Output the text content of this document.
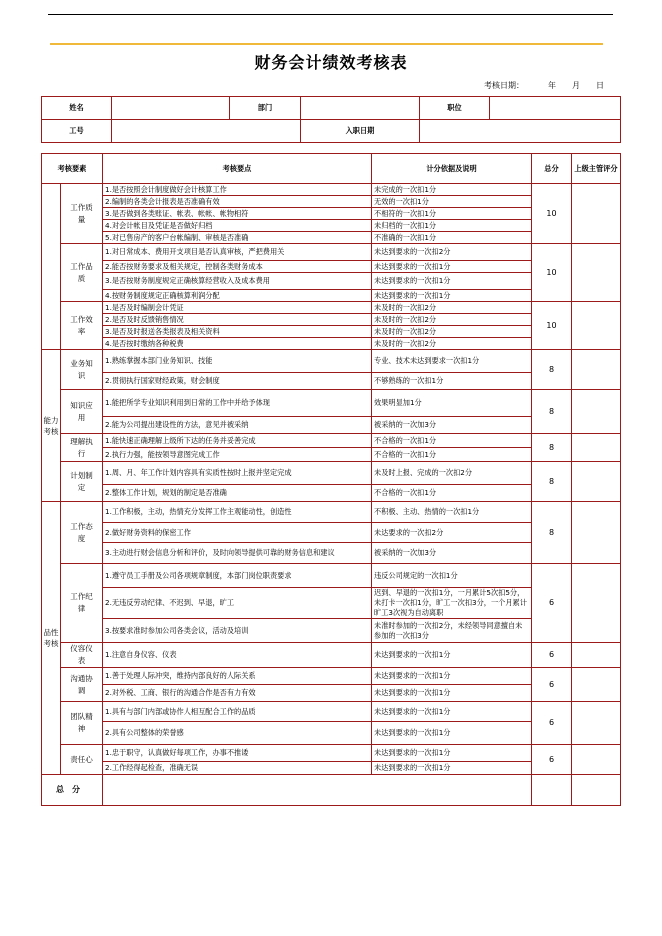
财务会计绩效考核表
考核日期：	年 月 日
姓名		部门		职位	
工号			入职日期		
考核要素		考核要点	计分依据及说明	总分	上级主管评分
	工作质量	1.是否按照会计制度做好会计核算工作	未完成的一次扣1分	10	
		2.编制的各类会计报表是否准确有效	无效的一次扣1分		
		3.是否做到各类账证、帐表、帐帐、帐物相符	不相符的一次扣1分		
		4.对会计帐目及凭证是否做好归档	未归档的一次扣1分		
		5.对已售房产的客户台帐编制、审核是否准确	不准确的一次扣1分		
	工作品质	1.对日常成本、费用开支项目是否认真审核，严把费用关	未达到要求的一次扣2分	10	
		2.能否按财务要求及相关规定，控制各类财务成本	未达到要求的一次扣1分		
		3.是否按财务制度规定正确核算经营收入及成本费用	未达到要求的一次扣1分		
		4.按财务制度规定正确核算利润分配	未达到要求的一次扣1分		
	工作效率	1.是否及时编制会计凭证	未及时的一次扣2分	10	
		2.是否及时反馈销售情况	未及时的一次扣2分		
		3.是否及时报送各类报表及相关资料	未及时的一次扣2分		
		4.是否按时缴纳各种税费	未及时的一次扣2分		
能力考核	业务知识	1.熟练掌握本部门业务知识、技能	专业、技术未达到要求一次扣1分	8	
		2.贯彻执行国家财经政策，财会制度	不够熟练的一次扣1分		
	知识应用	1.能把所学专业知识利用到日常的工作中并给予体现	效果明显加1分	8	
		2.能为公司提出建设性的方法，意见并被采纳	被采纳的一次加3分		
	理解执行	1.能快速正确理解上级所下达的任务并妥善完成	不合格的一次扣1分	8	
		2.执行力强，能按领导意图完成工作	不合格的一次扣1分		
	计划制定	1.周、月、年工作计划内容具有实质性按时上报并坚定完成	未及时上报、完成的一次扣2分	8	
		2.整体工作计划，规划的制定是否准确	不合格的一次扣1分		
品性考核	工作态度	1.工作积极，主动，热情充分发挥工作主观能动性，创造性	不积极、主动、热情的一次扣1分	8	
		2.做好财务资料的保密工作	未达要求的一次扣2分		
		3.主动进行财会信息分析和评价，及时向领导提供可靠的财务信息和建议	被采纳的一次加3分		
	工作纪律	1.遵守员工手册及公司各项规章制度，本部门岗位职责要求	违反公司规定的一次扣1分	6	
		2.无违反劳动纪律、不迟到、早退，旷工	迟到、早退的一次扣1分，一月累计5次扣5分，未打卡一次扣1分，旷工一次扣3分，一个月累计旷工3次视为自动离职		
		3.按要求准时参加公司各类会议，活动及培训	未准时参加的一次扣2分，未经领导同意擅自未参加的一次扣3分		
	仪容仪表	1.注意自身仪容、仪表	未达到要求的一次扣1分	6	
	沟通协调	1.善于处理人际冲突，维持内部良好的人际关系	未达到要求的一次扣1分	6	
		2.对外税、工商、银行的沟通合作是否有力有效	未达到要求的一次扣1分		
	团队精神	1.具有与部门内部或协作人相互配合工作的品质	未达到要求的一次扣1分	6	
		2.具有公司整体的荣誉感	未达到要求的一次扣1分		
	责任心	1.忠于职守，认真做好每项工作，办事不推诿	未达到要求的一次扣1分	6	
		2.工作经得起检查，准确无误	未达到要求的一次扣1分		
总分					
